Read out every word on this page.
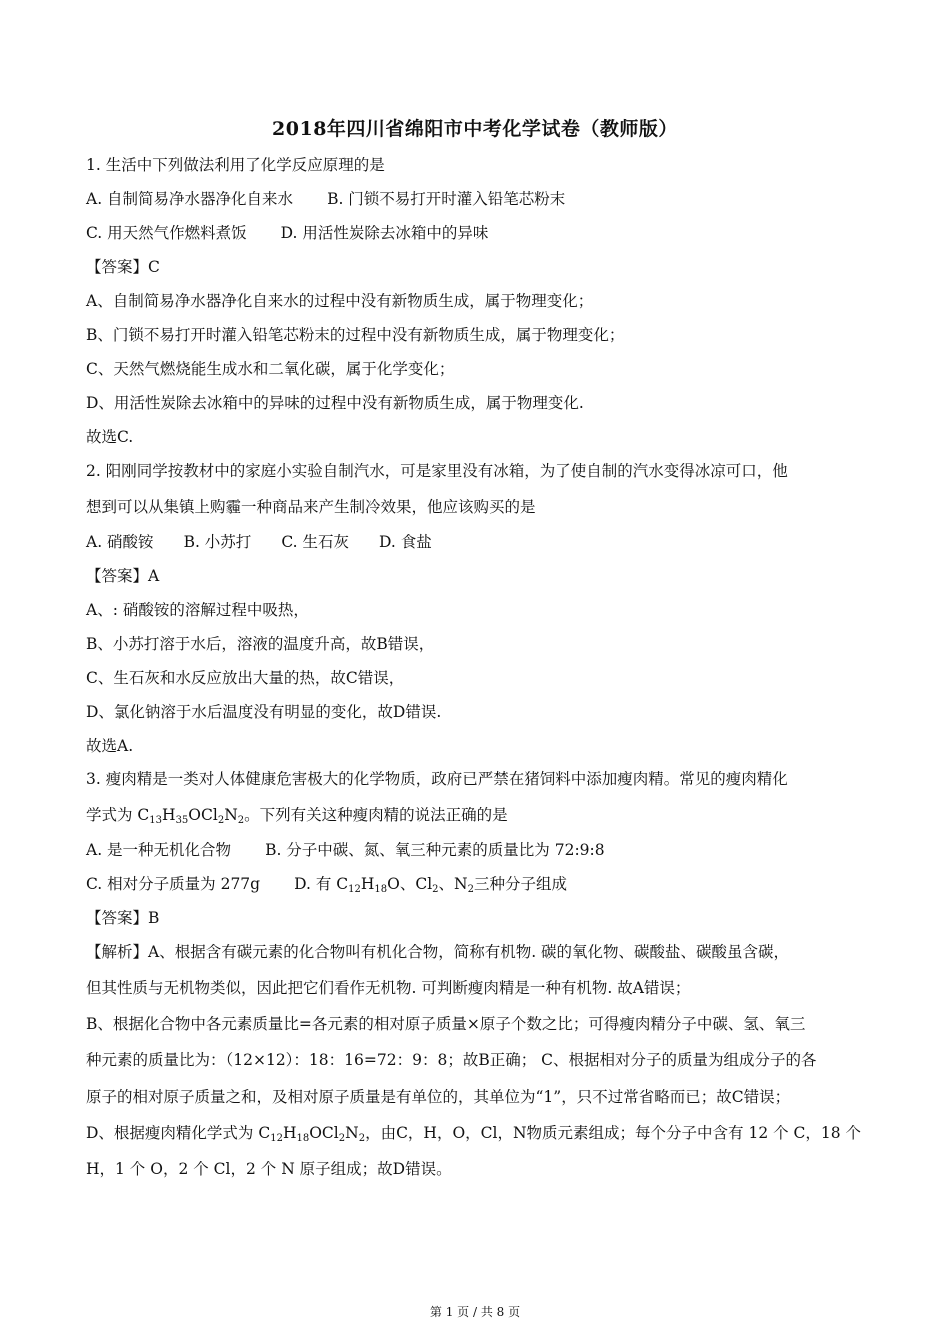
2018年四川省绵阳市中考化学试卷（教师版）
1. 生活中下列做法利用了化学反应原理的是
A. 自制简易净水器净化自来水 B. 门锁不易打开时灌入铅笔芯粉末
C. 用天然气作燃料煮饭 D. 用活性炭除去冰箱中的异味
【答案】C
A、自制简易净水器净化自来水的过程中没有新物质生成，属于物理变化；
B、门锁不易打开时灌入铅笔芯粉末的过程中没有新物质生成，属于物理变化；
C、天然气燃烧能生成水和二氧化碳，属于化学变化；
D、用活性炭除去冰箱中的异味的过程中没有新物质生成，属于物理变化.
故选C.
2. 阳刚同学按教材中的家庭小实验自制汽水，可是家里没有冰箱，为了使自制的汽水变得冰凉可口，他
想到可以从集镇上购霾一种商品来产生制冷效果，他应该购买的是
A. 硝酸铵 B. 小苏打 C. 生石灰 D. 食盐
【答案】A
A、: 硝酸铵的溶解过程中吸热，
B、小苏打溶于水后，溶液的温度升高，故B错误，
C、生石灰和水反应放出大量的热，故C错误，
D、氯化钠溶于水后温度没有明显的变化，故D错误.
故选A.
3. 瘦肉精是一类对人体健康危害极大的化学物质，政府已严禁在猪饲料中添加瘦肉精。常见的瘦肉精化
学式为 $C_{13}H_{35}OCl_2N_2$。下列有关这种瘦肉精的说法正确的是
A. 是一种无机化合物 B. 分子中碳、氮、氧三种元素的质量比为 72:9:8
C. 相对分子质量为 277g D. 有 $C_{12}H_{18}O$、$Cl_2$、$N_2$三种分子组成
【答案】B
【解析】A、根据含有碳元素的化合物叫有机化合物，简称有机物. 碳的氧化物、碳酸盐、碳酸虽含碳，
但其性质与无机物类似，因此把它们看作无机物. 可判断瘦肉精是一种有机物. 故A错误；
B、根据化合物中各元素质量比=各元素的相对原子质量×原子个数之比；可得瘦肉精分子中碳、氢、氧三
种元素的质量比为：（12×12）：18：16=72：9：8；故B正确； C、根据相对分子的质量为组成分子的各
原子的相对原子质量之和，及相对原子质量是有单位的，其单位为“1”，只不过常省略而已；故C错误；
D、根据瘦肉精化学式为 $C_{12}H_{18}OCl_2N_2$，由C，H，O，Cl，N物质元素组成；每个分子中含有 12 个 C，18 个
H，1 个 O，2 个 Cl，2 个 N 原子组成；故D错误。
第 1 页 / 共 8 页
